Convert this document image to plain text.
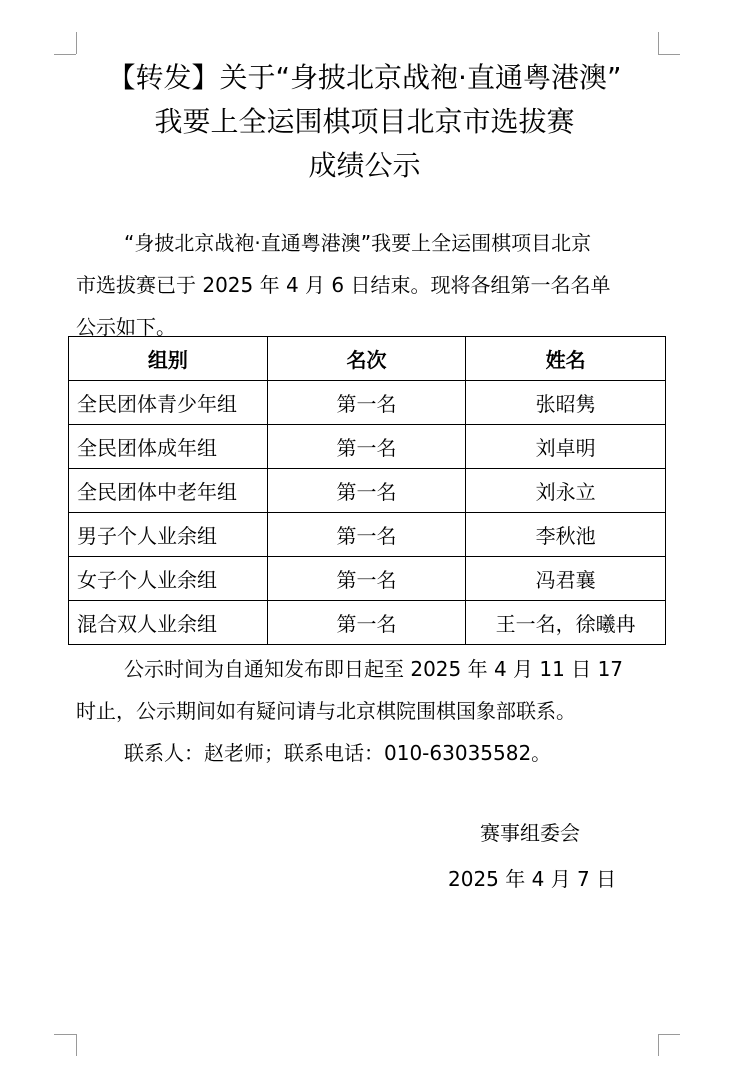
【转发】关于“身披北京战袍·直通粤港澳”
我要上全运围棋项目北京市选拔赛
成绩公示
“身披北京战袍·直通粤港澳”我要上全运围棋项目北京
市选拔赛已于 2025 年 4 月 6 日结束。现将各组第一名名单
公示如下。
组别	名次	姓名
全民团体青少年组	第一名	张昭隽
全民团体成年组	第一名	刘卓明
全民团体中老年组	第一名	刘永立
男子个人业余组	第一名	李秋池
女子个人业余组	第一名	冯君襄
混合双人业余组	第一名	王一名，徐曦冉
公示时间为自通知发布即日起至 2025 年 4 月 11 日 17
时止，公示期间如有疑问请与北京棋院围棋国象部联系。
联系人：赵老师；联系电话：010-63035582。
赛事组委会
2025 年 4 月 7 日
